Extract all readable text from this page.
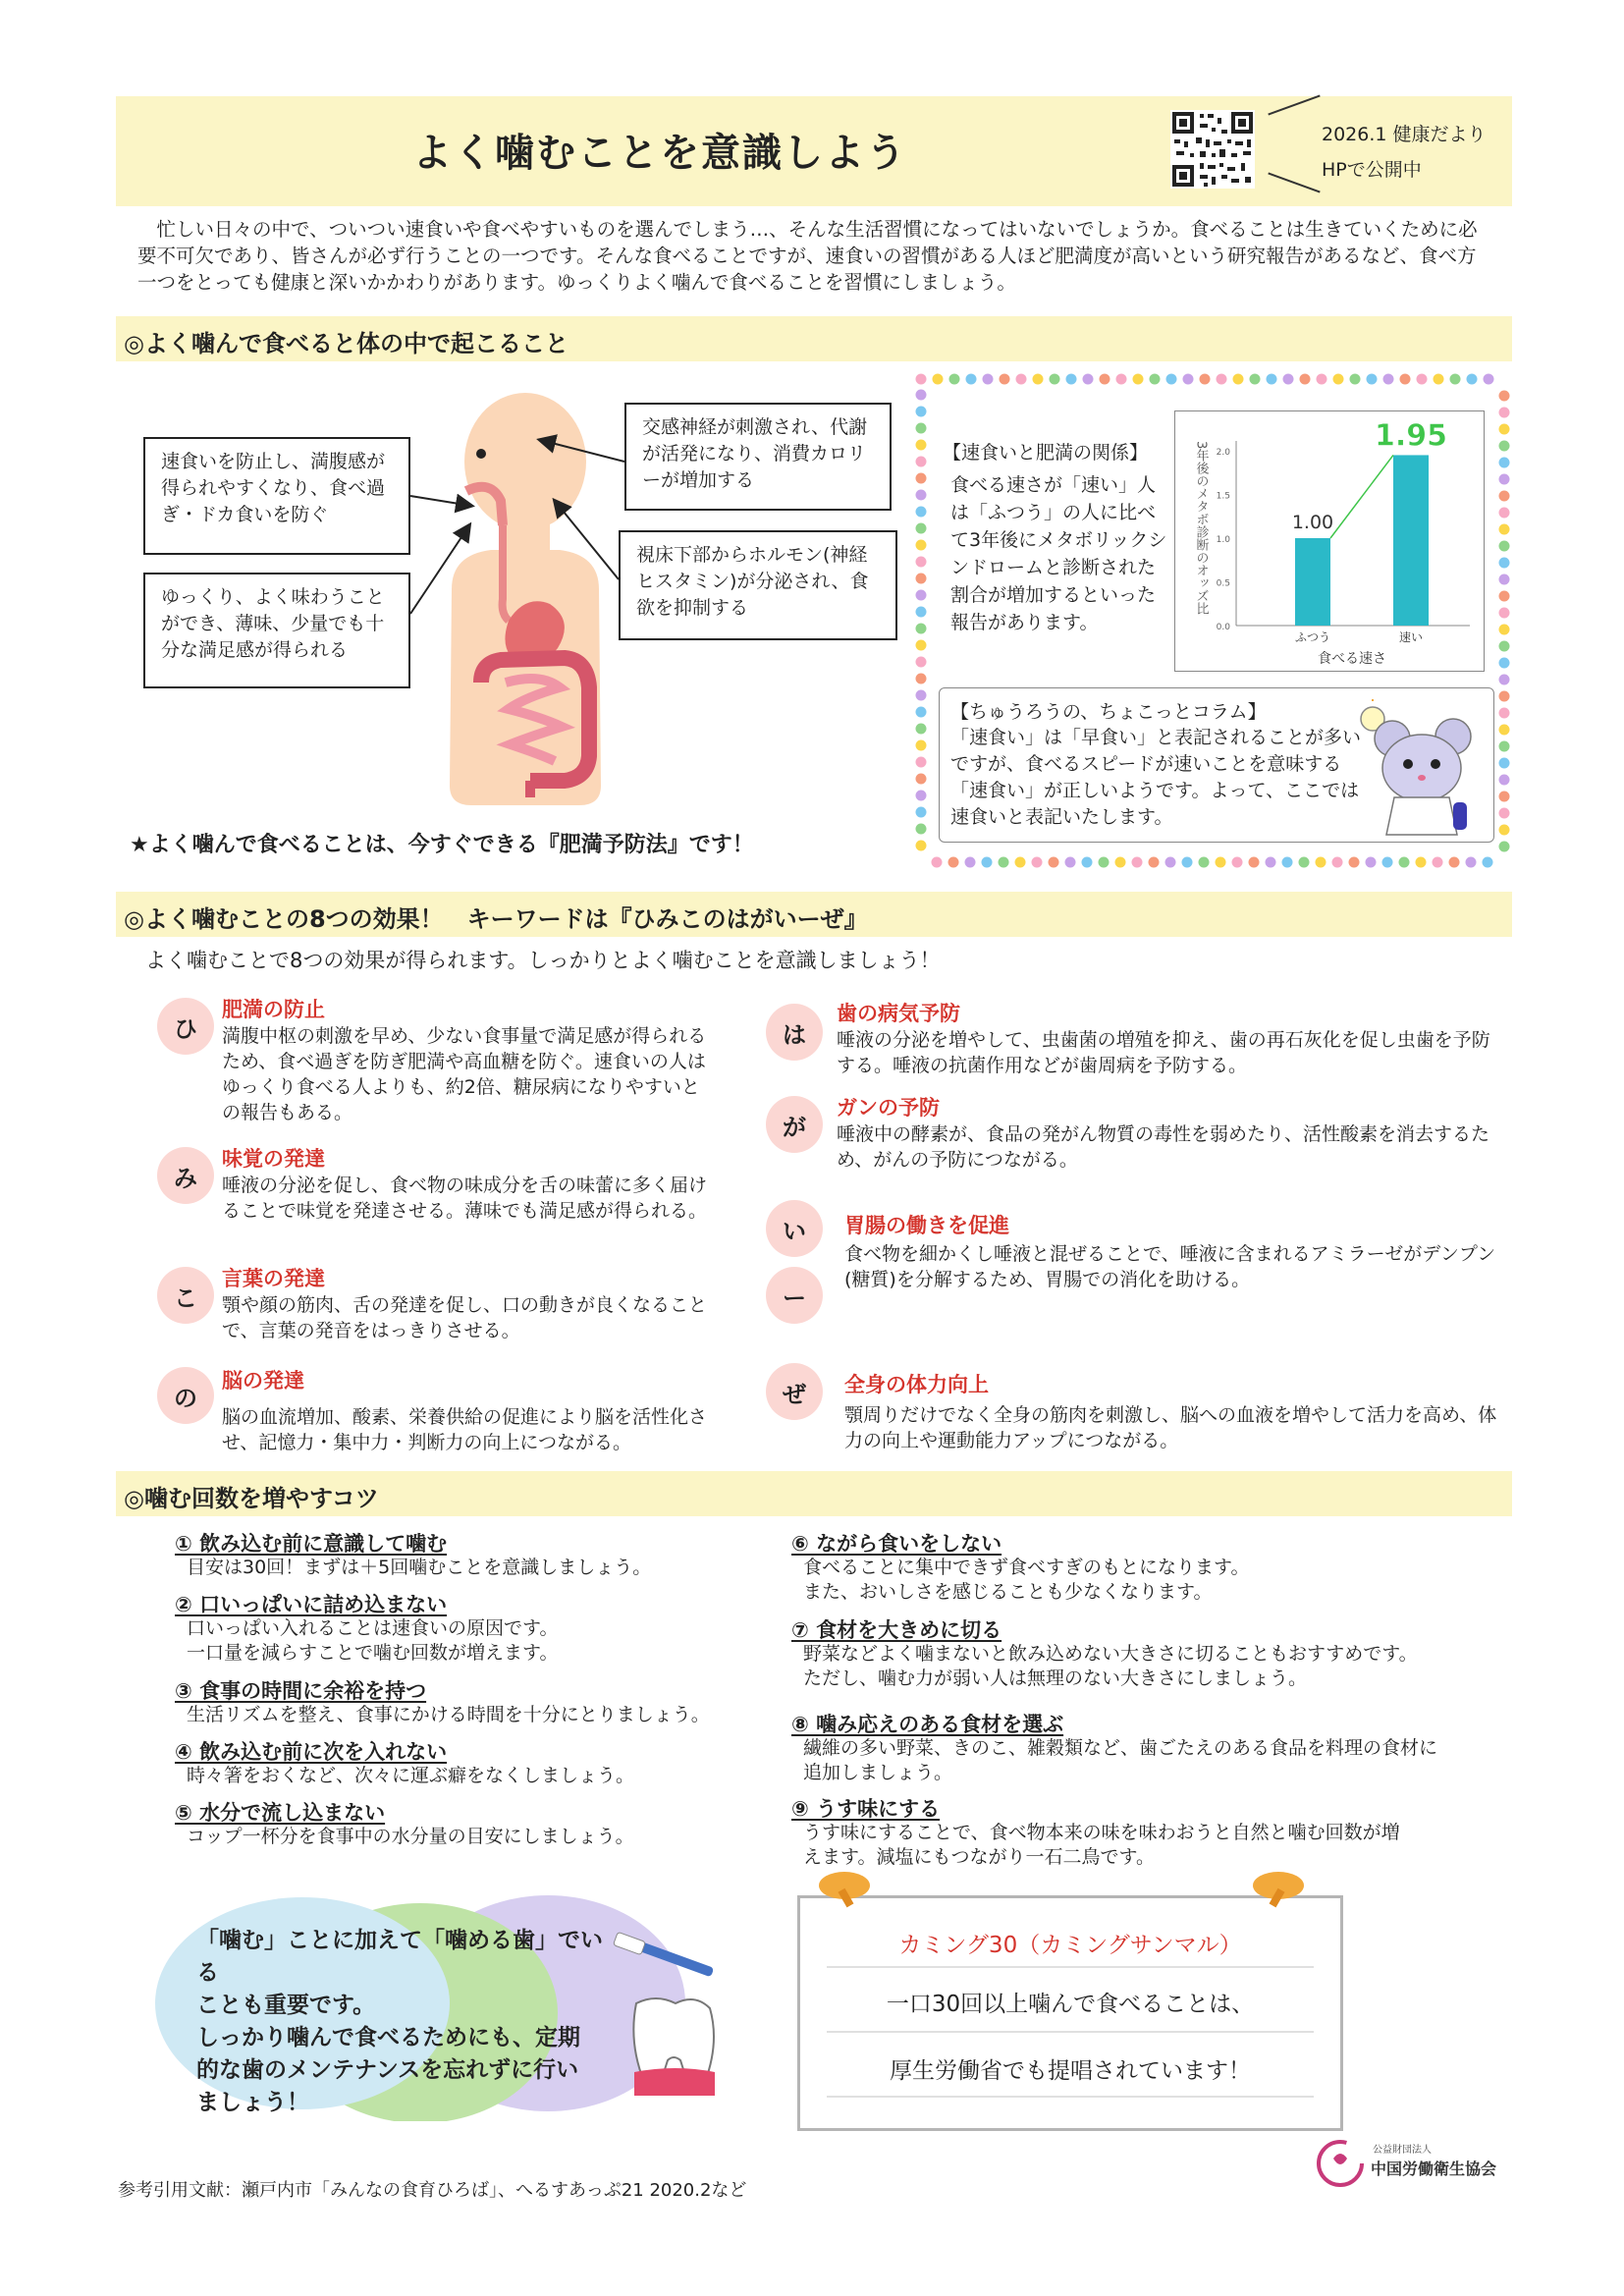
よく噛むことを意識しよう	2026.1 健康だより
HPで公開中

忙しい日々の中で、ついつい速食いや食べやすいものを選んでしまう…、そんな生活習慣になってはいないでしょうか。食べることは生きていくために必要不可欠であり、皆さんが必ず行うことの一つです。そんな食べることですが、速食いの習慣がある人ほど肥満度が高いという研究報告があるなど、食べ方一つをとっても健康と深いかかわりがあります。ゆっくりよく噛んで食べることを習慣にしましょう。

◎よく噛んで食べると体の中で起こること
速食いを防止し、満腹感が得られやすくなり、食べ過ぎ・ドカ食いを防ぐ
ゆっくり、よく味わうことができ、薄味、少量でも十分な満足感が得られる
交感神経が刺激され、代謝が活発になり、消費カロリーが増加する
視床下部からホルモン(神経ヒスタミン)が分泌され、食欲を抑制する
★よく噛んで食べることは、今すぐできる『肥満予防法』です！
【速食いと肥満の関係】
食べる速さが「速い」人は「ふつう」の人に比べて3年後にメタボリックシンドロームと診断された割合が増加するといった報告があります。
3年後のメタボ診断のオッズ比
0.0
0.5
1.0
1.5
2.0
1.00
ふつう
1.95
速い
食べる速さ
【ちゅうろうの、ちょこっとコラム】
「速食い」は「早食い」と表記されることが多いですが、食べるスピードが速いことを意味する「速食い」が正しいようです。よって、ここでは速食いと表記いたします。
◎よく噛むことの8つの効果！　キーワードは『ひみこのはがいーぜ』
よく噛むことで8つの効果が得られます。しっかりとよく噛むことを意識しましょう！
ひ
肥満の防止
満腹中枢の刺激を早め、少ない食事量で満足感が得られるため、食べ過ぎを防ぎ肥満や高血糖を防ぐ。速食いの人はゆっくり食べる人よりも、約2倍、糖尿病になりやすいとの報告もある。
み
味覚の発達
唾液の分泌を促し、食べ物の味成分を舌の味蕾に多く届けることで味覚を発達させる。薄味でも満足感が得られる。
こ
言葉の発達
顎や顔の筋肉、舌の発達を促し、口の動きが良くなることで、言葉の発音をはっきりさせる。
の
脳の発達
脳の血流増加、酸素、栄養供給の促進により脳を活性化させ、記憶力・集中力・判断力の向上につながる。
は
歯の病気予防
唾液の分泌を増やして、虫歯菌の増殖を抑え、歯の再石灰化を促し虫歯を予防する。唾液の抗菌作用などが歯周病を予防する。
が
ガンの予防
唾液中の酵素が、食品の発がん物質の毒性を弱めたり、活性酸素を消去するため、がんの予防につながる。
い
ー
胃腸の働きを促進
食べ物を細かくし唾液と混ぜることで、唾液に含まれるアミラーゼがデンプン(糖質)を分解するため、胃腸での消化を助ける。
ぜ	全身の体力向上
顎周りだけでなく全身の筋肉を刺激し、脳への血液を増やして活力を高め、体力の向上や運動能力アップにつながる。
◎噛む回数を増やすコツ
① 飲み込む前に意識して噛む
目安は30回！まずは＋5回噛むことを意識しましょう。
② 口いっぱいに詰め込まない
口いっぱい入れることは速食いの原因です。
一口量を減らすことで噛む回数が増えます。
③ 食事の時間に余裕を持つ
生活リズムを整え、食事にかける時間を十分にとりましょう。
④ 飲み込む前に次を入れない
時々箸をおくなど、次々に運ぶ癖をなくしましょう。
⑤ 水分で流し込まない
コップ一杯分を食事中の水分量の目安にしましょう。
⑥ ながら食いをしない
食べることに集中できず食べすぎのもとになります。
また、おいしさを感じることも少なくなります。
⑦ 食材を大きめに切る
野菜などよく噛まないと飲み込めない大きさに切ることもおすすめです。
ただし、噛む力が弱い人は無理のない大きさにしましょう。
⑧ 噛み応えのある食材を選ぶ
繊維の多い野菜、きのこ、雑穀類など、歯ごたえのある食品を料理の食材に
追加しましょう。
⑨ うす味にする
うす味にすることで、食べ物本来の味を味わおうと自然と噛む回数が増
えます。減塩にもつながり一石二鳥です。
「噛む」ことに加えて「噛める歯」でいる
ことも重要です。
しっかり噛んで食べるためにも、定期
的な歯のメンテナンスを忘れずに行い
ましょう！
カミング30（カミングサンマル）
一口30回以上噛んで食べることは、
厚生労働省でも提唱されています！
参考引用文献：瀬戸内市「みんなの食育ひろば」、へるすあっぷ21 2020.2など
公益財団法人
中国労働衛生協会
